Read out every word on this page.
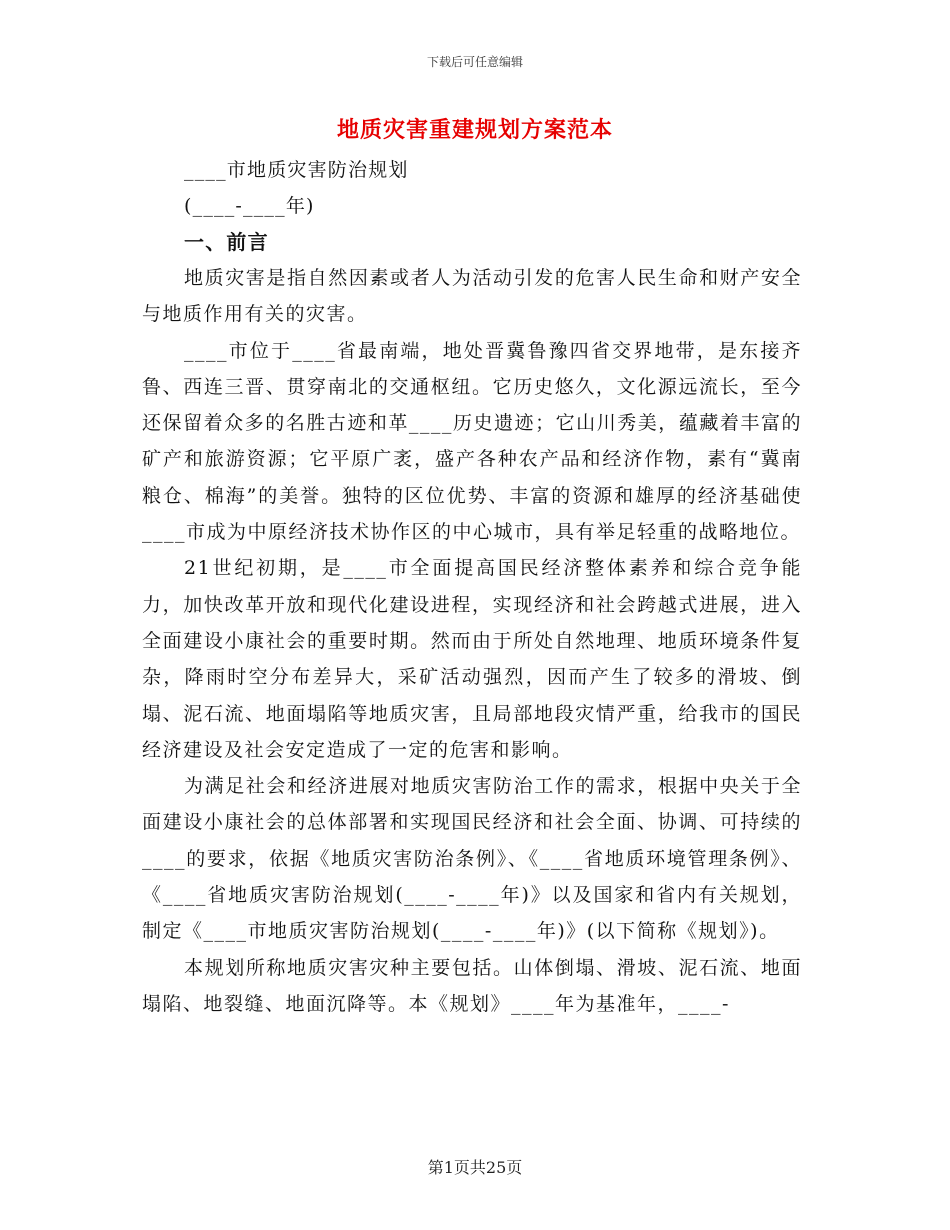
下载后可任意编辑
地质灾害重建规划方案范本
____市地质灾害防治规划
(____-____年)
一、前言

地质灾害是指自然因素或者人为活动引发的危害人民生命和财产安全与地质作用有关的灾害。

____市位于____省最南端，地处晋冀鲁豫四省交界地带，是东接齐鲁、西连三晋、贯穿南北的交通枢纽。它历史悠久，文化源远流长，至今还保留着众多的名胜古迹和革____历史遗迹；它山川秀美，蕴藏着丰富的矿产和旅游资源；它平原广袤，盛产各种农产品和经济作物，素有“冀南粮仓、棉海”的美誉。独特的区位优势、丰富的资源和雄厚的经济基础使____市成为中原经济技术协作区的中心城市，具有举足轻重的战略地位。

21世纪初期，是____市全面提高国民经济整体素养和综合竞争能力，加快改革开放和现代化建设进程，实现经济和社会跨越式进展，进入全面建设小康社会的重要时期。然而由于所处自然地理、地质环境条件复杂，降雨时空分布差异大，采矿活动强烈，因而产生了较多的滑坡、倒塌、泥石流、地面塌陷等地质灾害，且局部地段灾情严重，给我市的国民经济建设及社会安定造成了一定的危害和影响。

为满足社会和经济进展对地质灾害防治工作的需求，根据中央关于全面建设小康社会的总体部署和实现国民经济和社会全面、协调、可持续的____的要求，依据《地质灾害防治条例》、《____省地质环境管理条例》、《____省地质灾害防治规划(____-____年)》以及国家和省内有关规划，制定《____市地质灾害防治规划(____-____年)》(以下简称《规划》)。

本规划所称地质灾害灾种主要包括。山体倒塌、滑坡、泥石流、地面塌陷、地裂缝、地面沉降等。本《规划》____年为基准年，____-

第1页共25页
